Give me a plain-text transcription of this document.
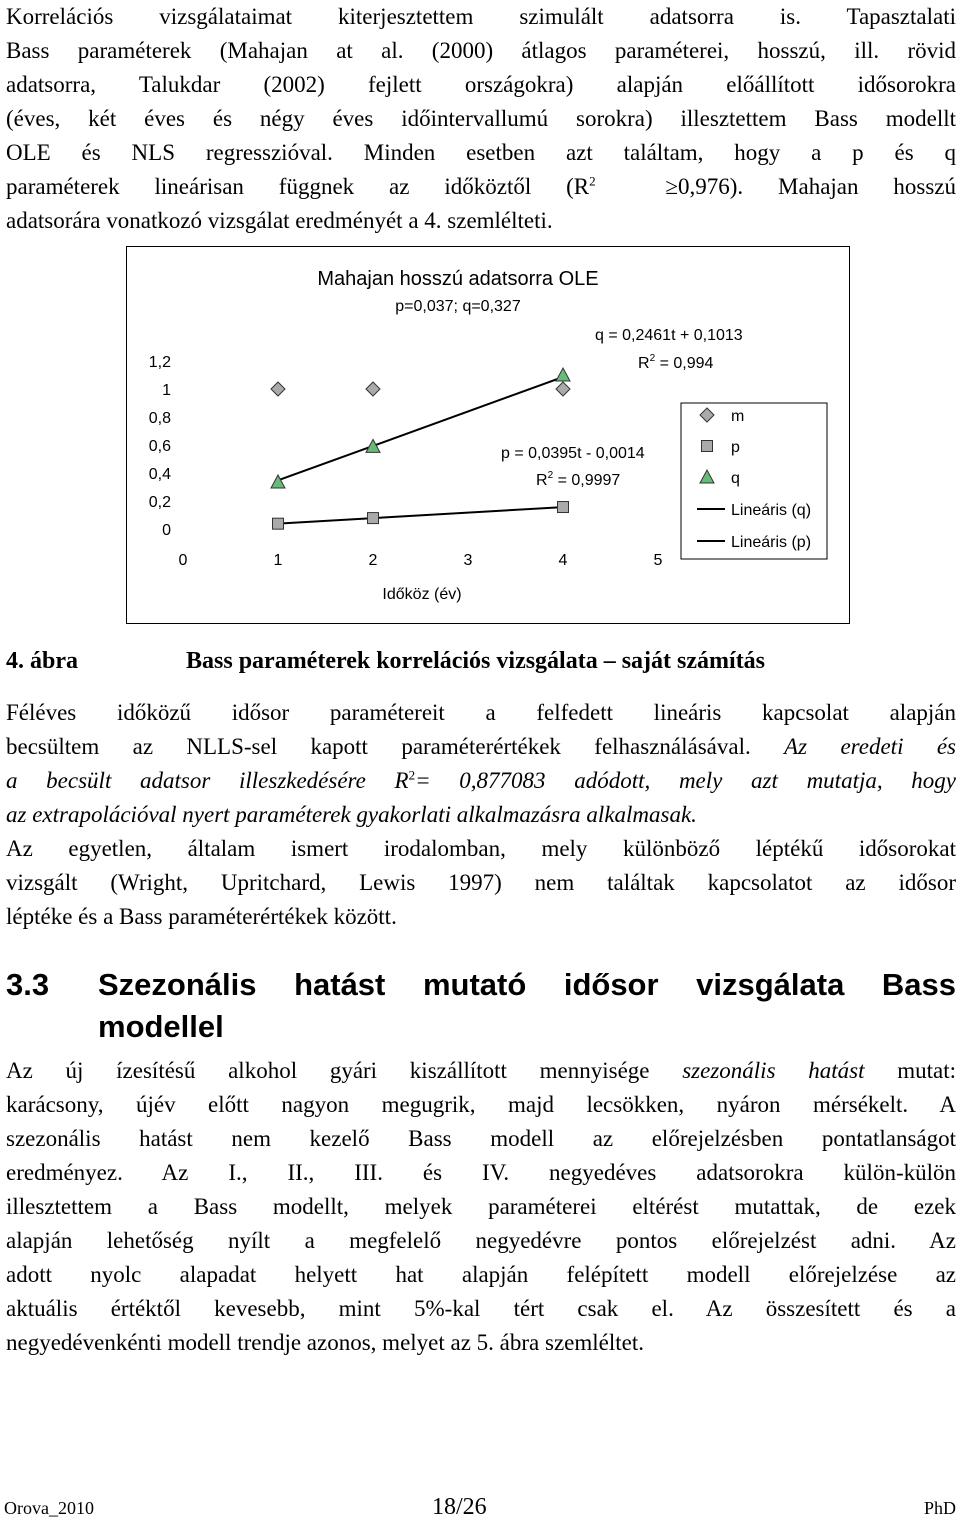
Korrelációs vizsgálataimat kiterjesztettem szimulált adatsorra is. Tapasztalati
Bass paraméterek (Mahajan at al. (2000) átlagos paraméterei, hosszú, ill. rövid
adatsorra, Talukdar (2002) fejlett országokra) alapján előállított idősorokra
(éves, két éves és négy éves időintervallumú sorokra) illesztettem Bass modellt
OLE és NLS regresszióval. Minden esetben azt találtam, hogy a p és q
paraméterek lineárisan függnek az időköztől ($R^2$	≥0,976). Mahajan hosszú
adatsorára vonatkozó vizsgálat eredményét a 4. szemlélteti.
Mahajan hosszú adatsorra OLE
p=0,037; q=0,327
Időköz (év)
0
0,2
0,4
0,6
0,8
1
1,2
0	1	2	3	4	5
q = 0,2461t + 0,1013
$R^2 = 0,994$
p = 0,0395t - 0,0014
$R^2 = 0,9997$
m
p
q
Lineáris (q)
Lineáris (p)
4. ábra	Bass paraméterek korrelációs vizsgálata – saját számítás
Féléves időközű idősor paramétereit a felfedett lineáris kapcsolat alapján
becsültem az NLLS-sel kapott paraméterértékek felhasználásával. Az eredeti és
a becsült adatsor illeszkedésére $R^2= 0,877083$ adódott, mely azt mutatja, hogy
az extrapolációval nyert paraméterek gyakorlati alkalmazásra alkalmasak.
Az egyetlen, általam ismert irodalomban, mely különböző léptékű idősorokat
vizsgált (Wright, Upritchard, Lewis 1997) nem találtak kapcsolatot az idősor
léptéke és a Bass paraméterértékek között.
3.3 Szezonális hatást mutató idősor vizsgálata Bass
modellel
Az új ízesítésű alkohol gyári kiszállított mennyisége szezonális hatást mutat:
karácsony, újév előtt nagyon megugrik, majd lecsökken, nyáron mérsékelt. A
szezonális hatást nem kezelő Bass modell az előrejelzésben pontatlanságot
eredményez. Az I., II., III. és IV. negyedéves adatsorokra külön-külön
illesztettem a Bass modellt, melyek paraméterei eltérést mutattak, de ezek
alapján lehetőség nyílt a megfelelő negyedévre pontos előrejelzést adni. Az
adott nyolc alapadat helyett hat alapján felépített modell előrejelzése az
aktuális értéktől kevesebb, mint 5%-kal tért csak el. Az összesített és a
negyedévenkénti modell trendje azonos, melyet az 5. ábra szemléltet.
Orova_2010	18/26	PhD
